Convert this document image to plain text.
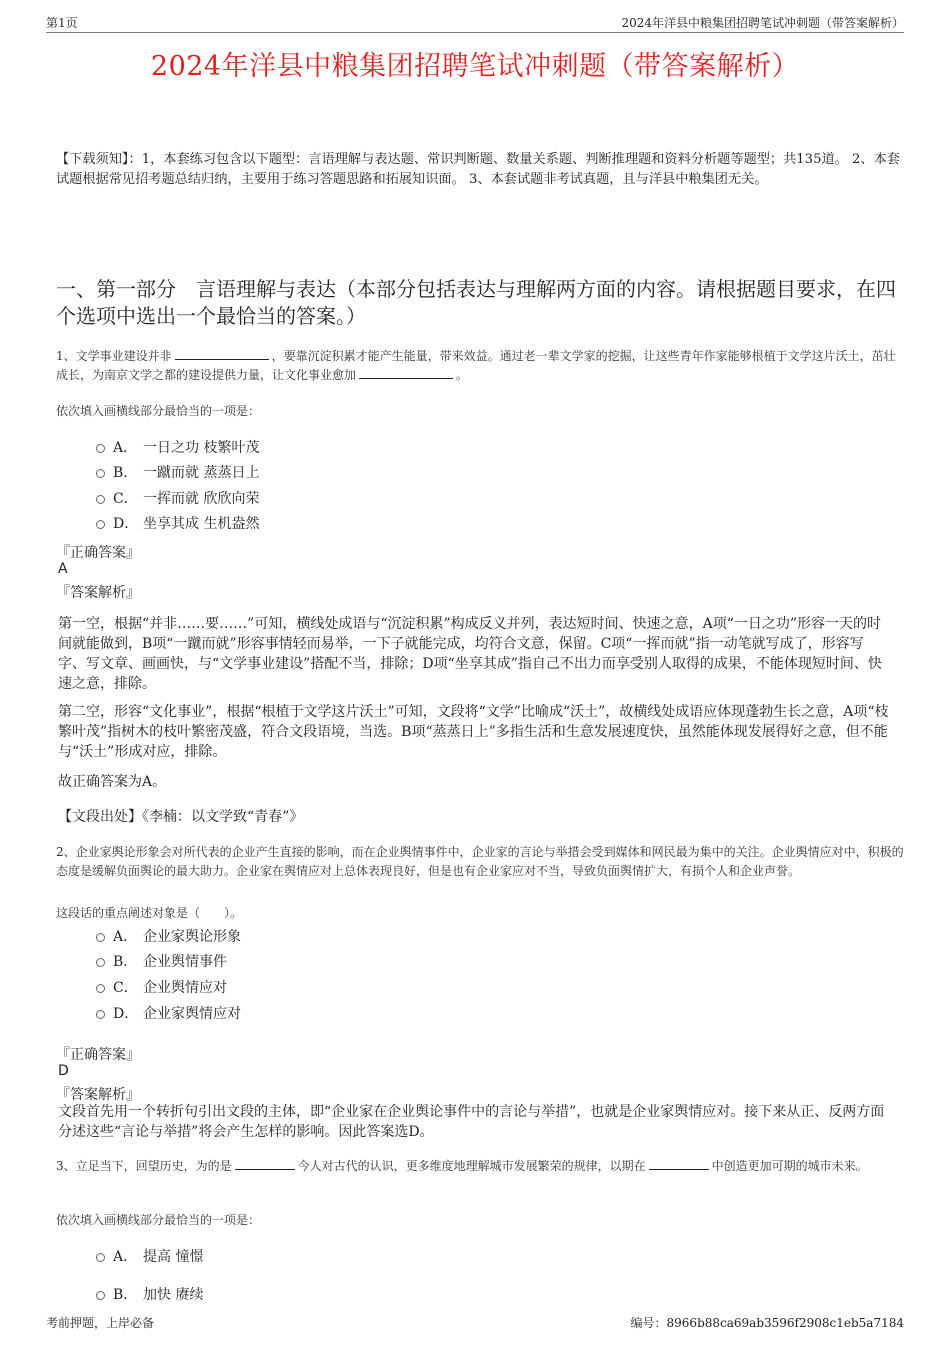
第1页	2024年洋县中粮集团招聘笔试冲刺题（带答案解析）
2024年洋县中粮集团招聘笔试冲刺题（带答案解析）
【下载须知】：1，本套练习包含以下题型：言语理解与表达题、常识判断题、数量关系题、判断推理题和资料分析题等题型；共135道。 2、本套试题根据常见招考题总结归纳，主要用于练习答题思路和拓展知识面。 3、本套试题非考试真题，且与洋县中粮集团无关。
一、第一部分　言语理解与表达（本部分包括表达与理解两方面的内容。请根据题目要求，在四个选项中选出一个最恰当的答案。）
1、文学事业建设并非	，要靠沉淀积累才能产生能量，带来效益。通过老一辈文学家的挖掘，让这些青年作家能够根植于文学这片沃土，茁壮成长，为南京文学之都的建设提供力量，让文化事业愈加	。
依次填入画横线部分最恰当的一项是：
A． 一日之功 枝繁叶茂
B． 一蹴而就 蒸蒸日上
C． 一挥而就 欣欣向荣
D． 坐享其成 生机盎然
『正确答案』
A
『答案解析』
第一空，根据“并非……要……”可知，横线处成语与“沉淀积累”构成反义并列，表达短时间、快速之意，A项“一日之功”形容一天的时间就能做到，B项“一蹴而就”形容事情轻而易举，一下子就能完成，均符合文意，保留。C项“一挥而就”指一动笔就写成了，形容写字、写文章、画画快，与“文学事业建设”搭配不当，排除；D项“坐享其成”指自己不出力而享受别人取得的成果，不能体现短时间、快速之意，排除。
第二空，形容“文化事业”，根据“根植于文学这片沃土”可知，文段将“文学”比喻成“沃土”，故横线处成语应体现蓬勃生长之意，A项“枝繁叶茂”指树木的枝叶繁密茂盛，符合文段语境，当选。B项“蒸蒸日上”多指生活和生意发展速度快，虽然能体现发展得好之意，但不能与“沃土”形成对应，排除。
故正确答案为A。
【文段出处】《李楠：以文学致“青春”》
2、企业家舆论形象会对所代表的企业产生直接的影响，而在企业舆情事件中，企业家的言论与举措会受到媒体和网民最为集中的关注。企业舆情应对中，积极的态度是缓解负面舆论的最大助力。企业家在舆情应对上总体表现良好，但是也有企业家应对不当，导致负面舆情扩大，有损个人和企业声誉。
这段话的重点阐述对象是（　　）。
A． 企业家舆论形象
B． 企业舆情事件
C． 企业舆情应对
D． 企业家舆情应对
『正确答案』
D
『答案解析』
文段首先用一个转折句引出文段的主体，即“企业家在企业舆论事件中的言论与举措”，也就是企业家舆情应对。接下来从正、反两方面分述这些“言论与举措”将会产生怎样的影响。因此答案选D。
3、立足当下，回望历史，为的是	今人对古代的认识，更多维度地理解城市发展繁荣的规律，以期在	中创造更加可期的城市未来。
依次填入画横线部分最恰当的一项是：
A． 提高 憧憬
B． 加快 赓续
考前押题，上岸必备	编号：8966b88ca69ab3596f2908c1eb5a7184
